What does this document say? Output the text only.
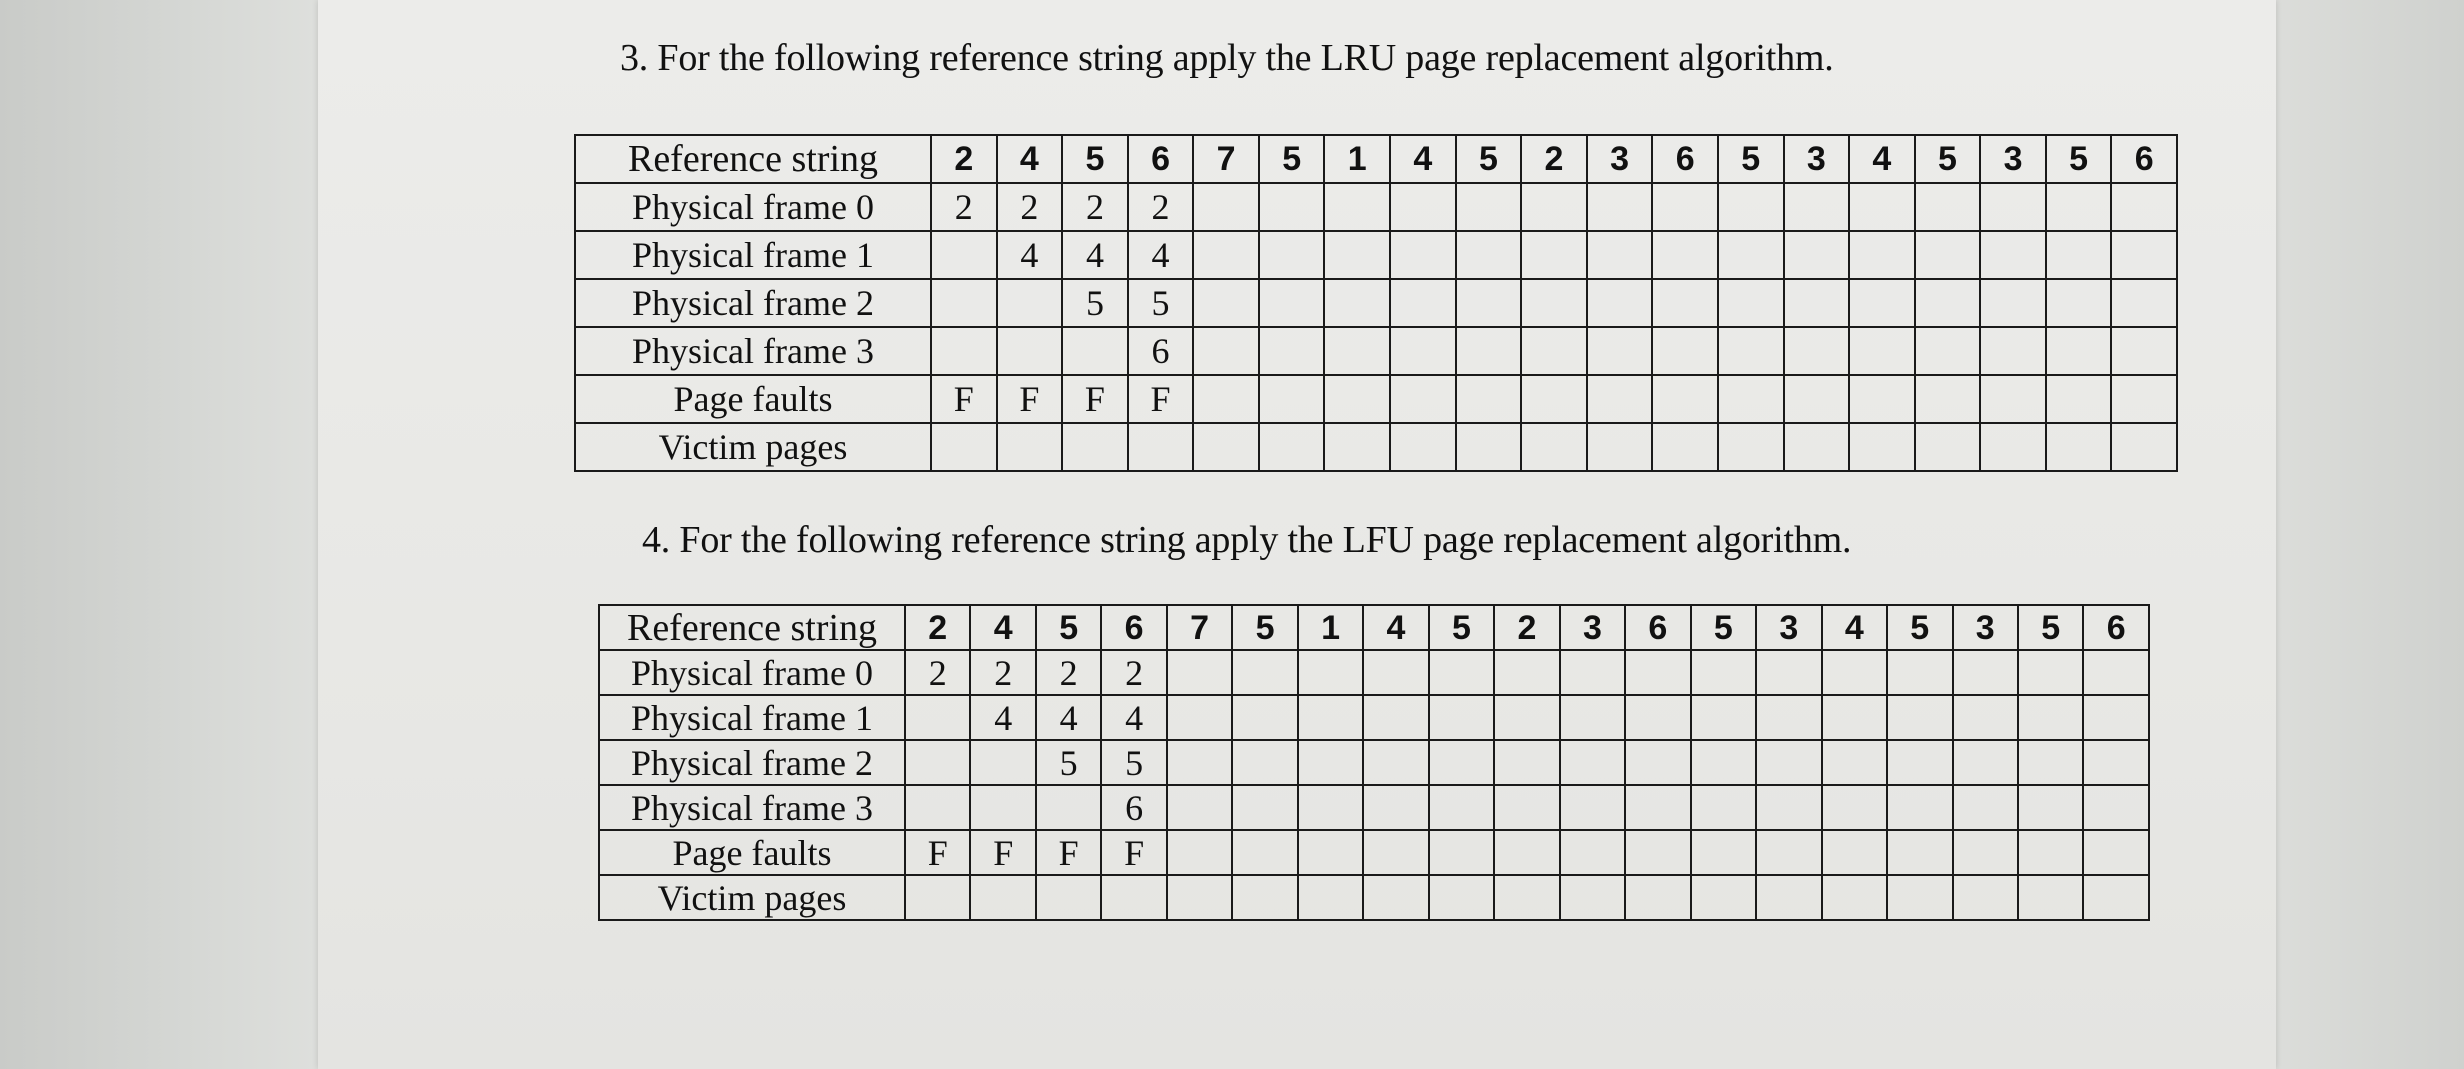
3. For the following reference string apply the LRU page replacement algorithm.
Reference string	2	4	5	6	7	5	1	4	5	2	3	6	5	3	4	5	3	5	6
Physical frame 0	2	2	2	2															
Physical frame 1		4	4	4															
Physical frame 2			5	5															
Physical frame 3				6															
Page faults	F	F	F	F															
Victim pages																			
4. For the following reference string apply the LFU page replacement algorithm.
Reference string	2	4	5	6	7	5	1	4	5	2	3	6	5	3	4	5	3	5	6
Physical frame 0	2	2	2	2															
Physical frame 1		4	4	4															
Physical frame 2			5	5															
Physical frame 3				6															
Page faults	F	F	F	F															
Victim pages																			
